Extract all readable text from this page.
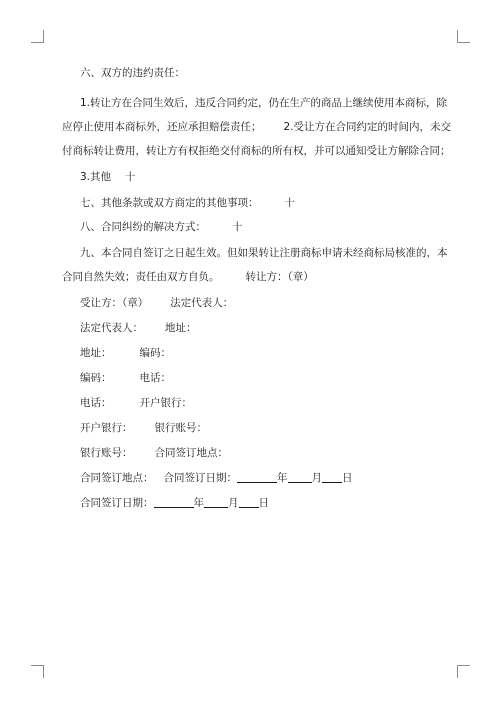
六、双方的违约责任：
1.转让方在合同生效后，违反合同约定，仍在生产的商品上继续使用本商标，除
应停止使用本商标外，还应承担赔偿责任； 2.受让方在合同约定的时间内，未交
付商标转让费用，转让方有权拒绝交付商标的所有权，并可以通知受让方解除合同；
3.其他 十
七、其他条款或双方商定的其他事项： 十
八、合同纠纷的解决方式： 十
九、本合同自签订之日起生效。但如果转让注册商标申请未经商标局核准的，本
合同自然失效；责任由双方自负。 转让方：（章）
受让方：（章） 法定代表人：
法定代表人： 地址：
地址：	编码：
编码：	电话：
电话：	开户银行：
开户银行： 银行账号：
银行账号： 合同签订地点：
合同签订地点： 合同签订日期：	年 月 日
合同签订日期：	年 月 日
